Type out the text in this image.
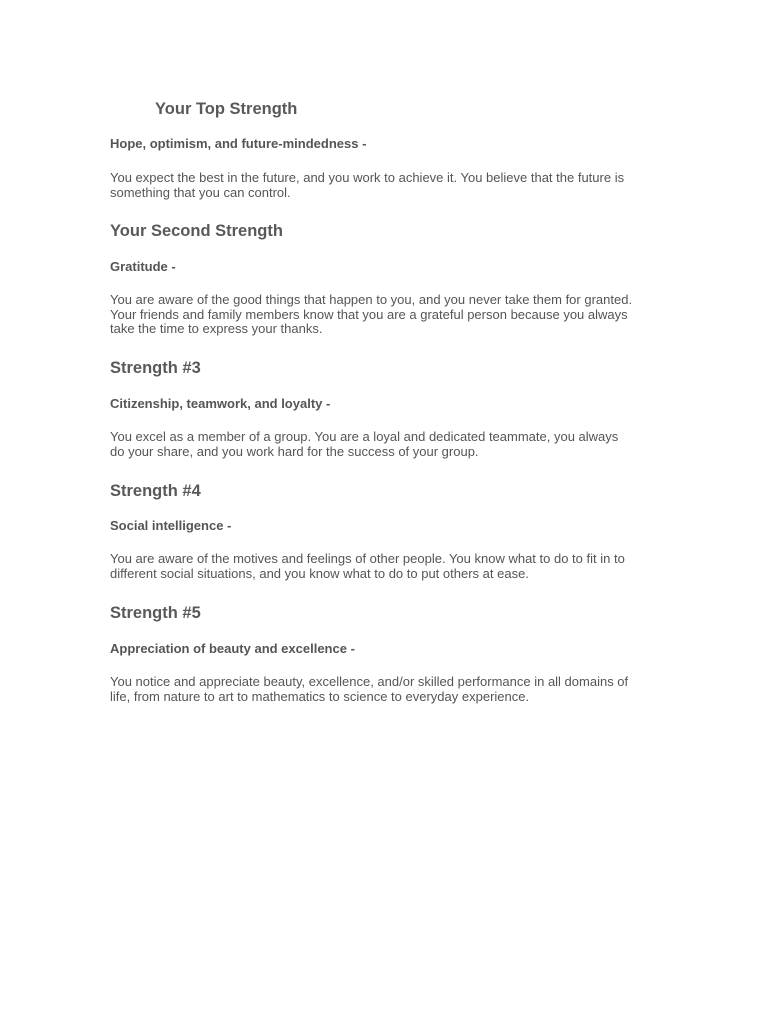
Your Top Strength
Hope, optimism, and future-mindedness -
You expect the best in the future, and you work to achieve it. You believe that the future is
something that you can control.
Your Second Strength
Gratitude -
You are aware of the good things that happen to you, and you never take them for granted.
Your friends and family members know that you are a grateful person because you always
take the time to express your thanks.
Strength #3
Citizenship, teamwork, and loyalty -
You excel as a member of a group. You are a loyal and dedicated teammate, you always
do your share, and you work hard for the success of your group.
Strength #4
Social intelligence -
You are aware of the motives and feelings of other people. You know what to do to fit in to
different social situations, and you know what to do to put others at ease.
Strength #5
Appreciation of beauty and excellence -
You notice and appreciate beauty, excellence, and/or skilled performance in all domains of
life, from nature to art to mathematics to science to everyday experience.
